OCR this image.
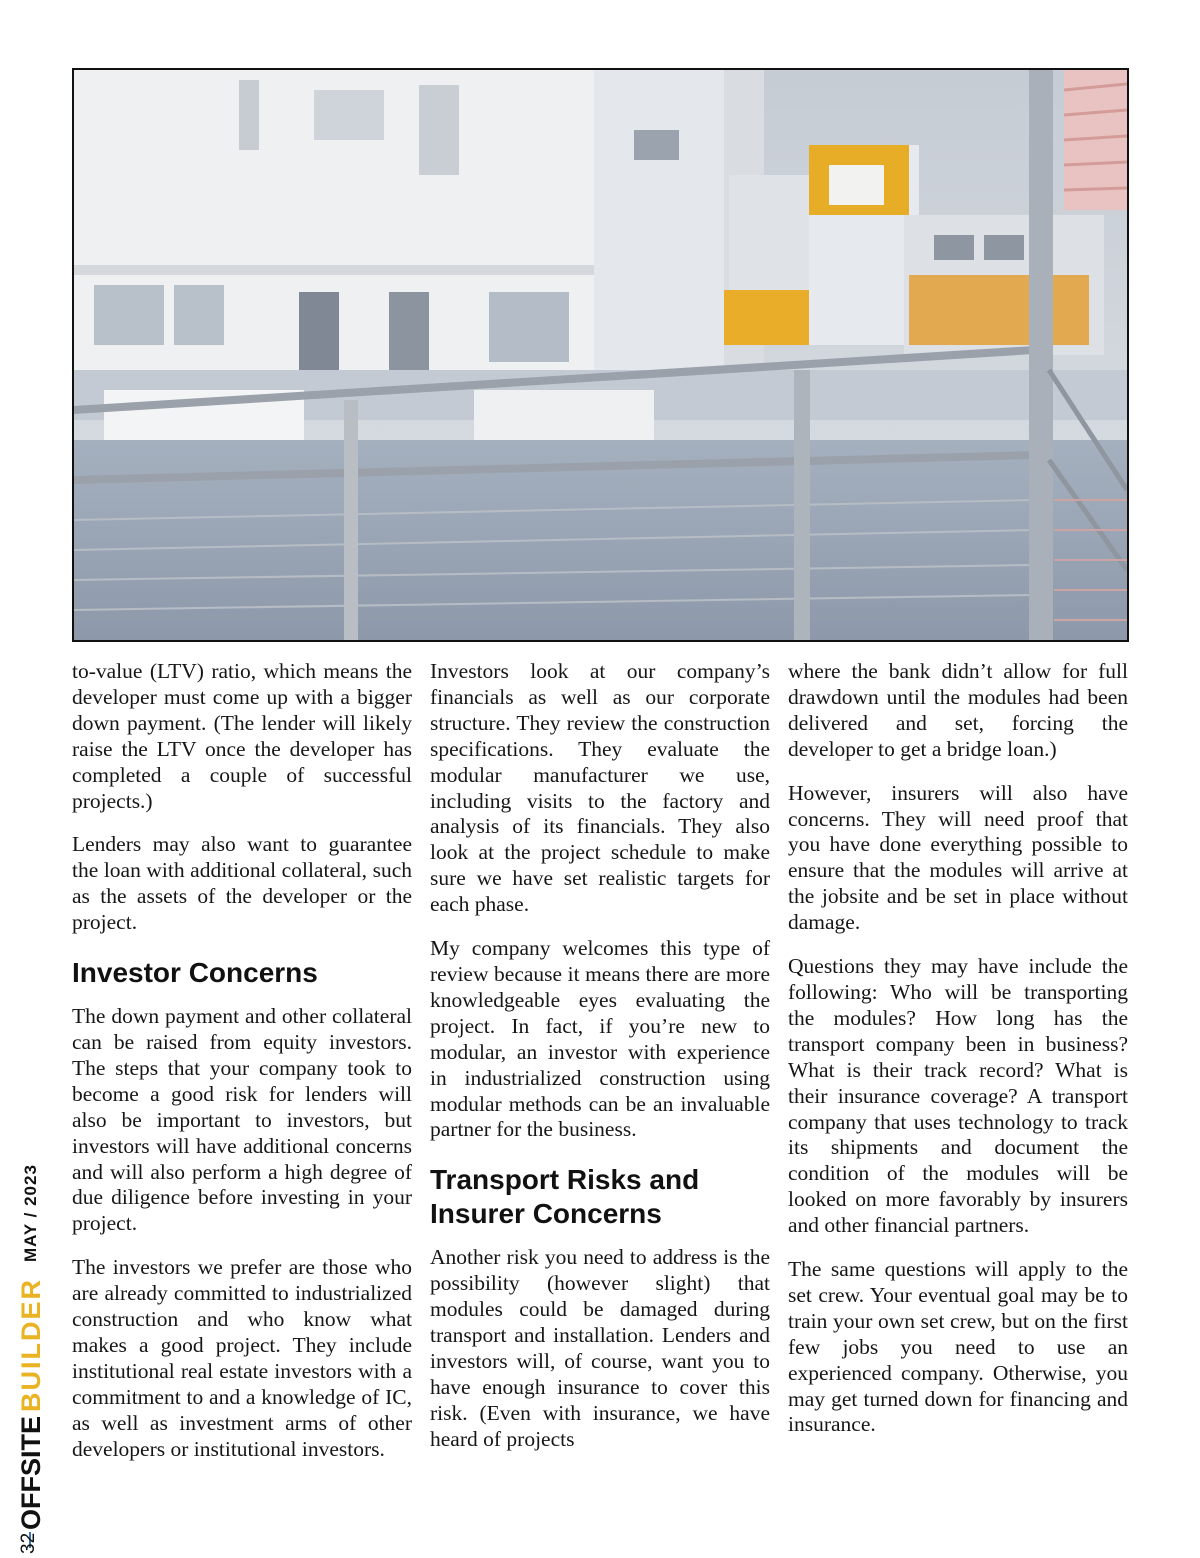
to-value (LTV) ratio, which means the developer must come up with a bigger down payment. (The lender will likely raise the LTV once the developer has completed a couple of successful projects.)

Lenders may also want to guarantee the loan with additional collateral, such as the assets of the developer or the project.

Investor Concerns

The down payment and other collateral can be raised from equity investors. The steps that your company took to become a good risk for lenders will also be important to investors, but investors will have additional concerns and will also perform a high degree of due diligence before investing in your project.

The investors we prefer are those who are already committed to industrialized construction and who know what makes a good project. They include institutional real estate investors with a commitment to and a knowledge of IC, as well as investment arms of other developers or institutional investors.

Investors look at our company’s financials as well as our corporate structure. They review the construction specifications. They evaluate the modular manufacturer we use, including visits to the factory and analysis of its financials. They also look at the project schedule to make sure we have set realistic targets for each phase.

My company welcomes this type of review because it means there are more knowledgeable eyes evaluating the project. In fact, if you’re new to modular, an investor with experience in industrialized construction using modular methods can be an invaluable partner for the business.

Transport Risks and Insurer Concerns

Another risk you need to address is the possibility (however slight) that modules could be damaged during transport and installation. Lenders and investors will, of course, want you to have enough insurance to cover this risk. (Even with insurance, we have heard of projects

where the bank didn’t allow for full drawdown until the modules had been delivered and set, forcing the developer to get a bridge loan.)

However, insurers will also have concerns. They will need proof that you have done everything possible to ensure that the modules will arrive at the jobsite and be set in place without damage.

Questions they may have include the following: Who will be transporting the modules? How long has the transport company been in business? What is their track record? What is their insurance coverage? A transport company that uses technology to track its shipments and document the condition of the modules will be looked on more favorably by insurers and other financial partners.

The same questions will apply to the set crew. Your eventual goal may be to train your own set crew, but on the first few jobs you need to use an experienced company. Otherwise, you may get turned down for financing and insurance.

OFFSITE
BUILDER
MAY / 2023
32
